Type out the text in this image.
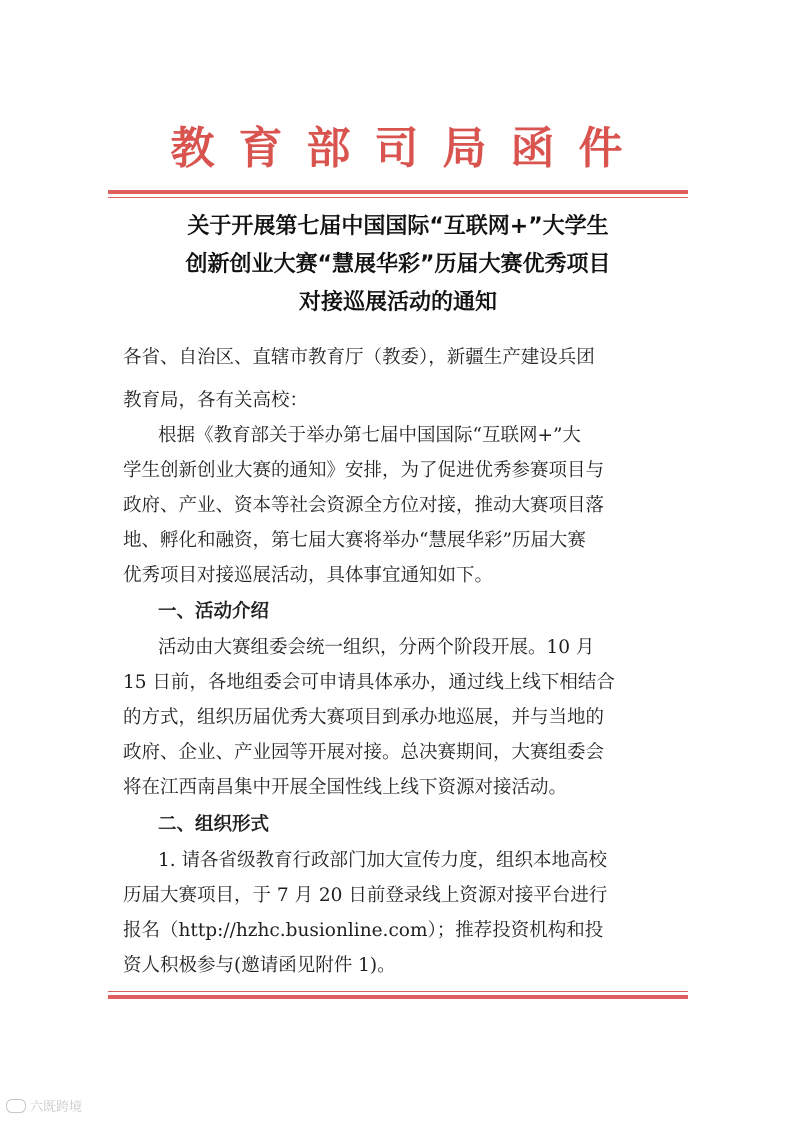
教育部司局函件
关于开展第七届中国国际“互联网+”大学生
创新创业大赛“慧展华彩”历届大赛优秀项目
对接巡展活动的通知
各省、自治区、直辖市教育厅（教委），新疆生产建设兵团
教育局，各有关高校：
根据《教育部关于举办第七届中国国际“互联网+”大
学生创新创业大赛的通知》安排，为了促进优秀参赛项目与
政府、产业、资本等社会资源全方位对接，推动大赛项目落
地、孵化和融资，第七届大赛将举办“慧展华彩”历届大赛
优秀项目对接巡展活动，具体事宜通知如下。
一、活动介绍
活动由大赛组委会统一组织，分两个阶段开展。10 月
15 日前，各地组委会可申请具体承办，通过线上线下相结合
的方式，组织历届优秀大赛项目到承办地巡展，并与当地的
政府、企业、产业园等开展对接。总决赛期间，大赛组委会
将在江西南昌集中开展全国性线上线下资源对接活动。
二、组织形式
1. 请各省级教育行政部门加大宣传力度，组织本地高校
历届大赛项目，于 7 月 20 日前登录线上资源对接平台进行
报名（http://hzhc.busionline.com）；推荐投资机构和投
资人积极参与(邀请函见附件 1)。
六既跨境
